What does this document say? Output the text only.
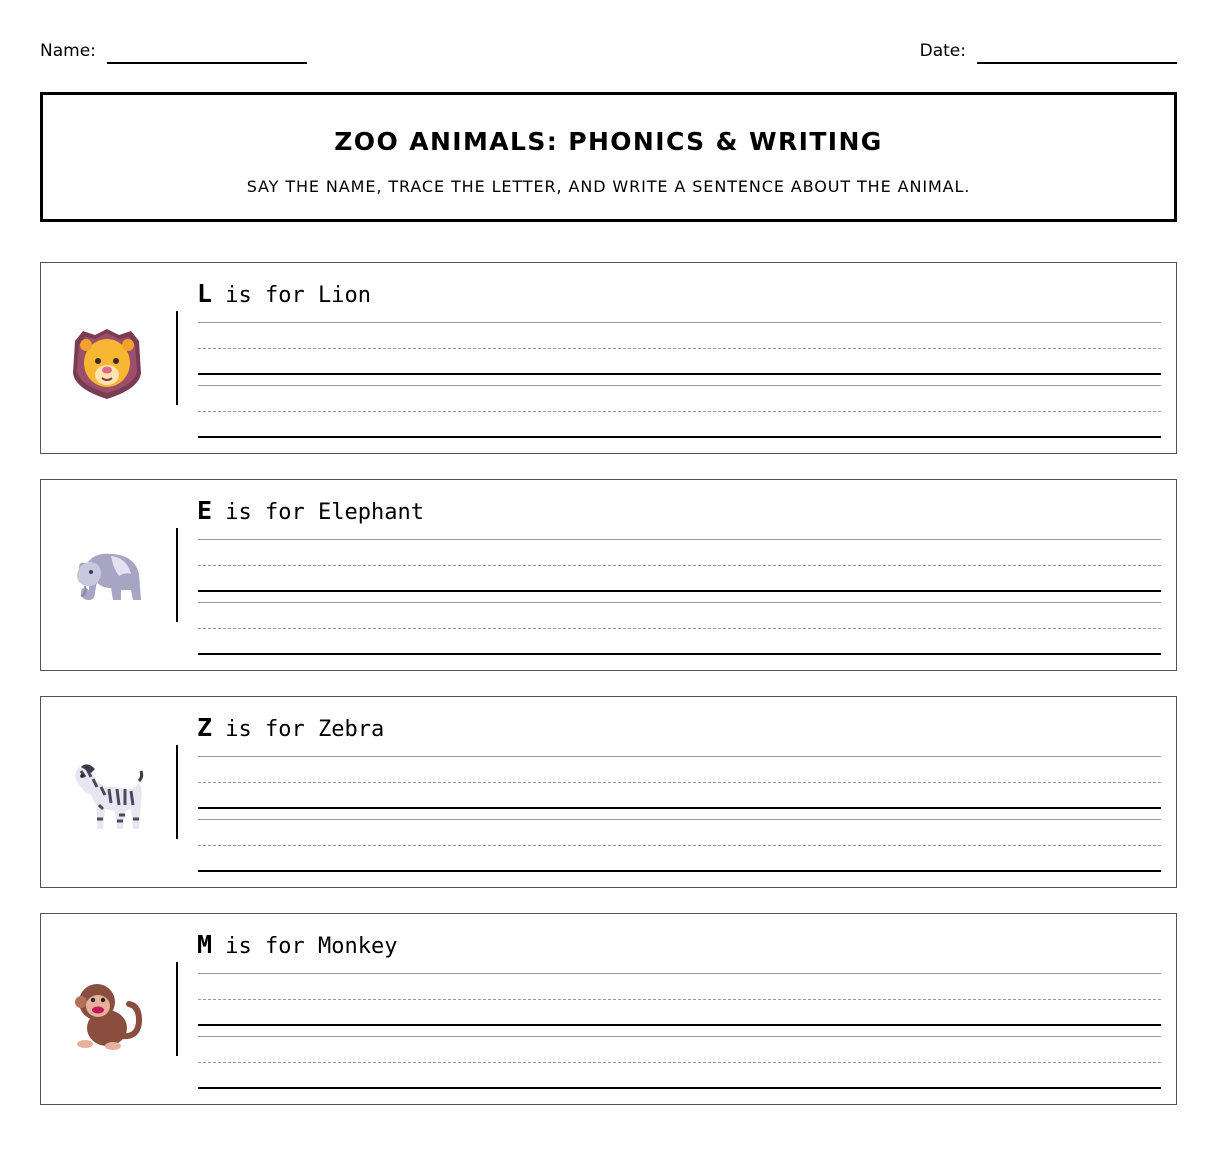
Name:	Date:
ZOO ANIMALS: PHONICS & WRITING
SAY THE NAME, TRACE THE LETTER, AND WRITE A SENTENCE ABOUT THE ANIMAL.
L is for Lion
E is for Elephant
Z is for Zebra
M is for Monkey
